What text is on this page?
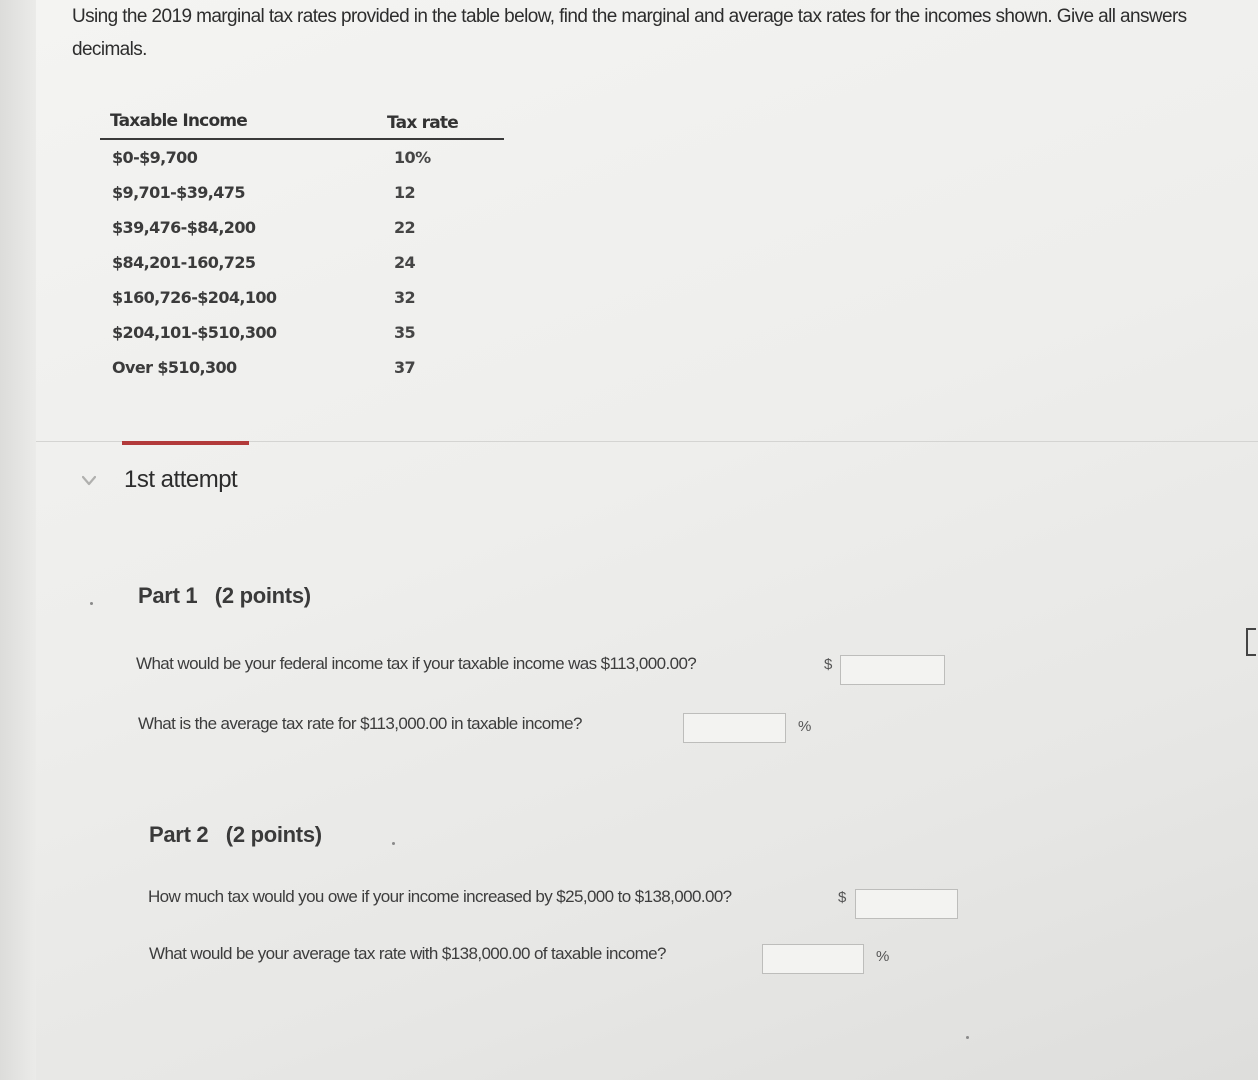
Using the 2019 marginal tax rates provided in the table below, find the marginal and average tax rates for the incomes shown. Give all answers
decimals.
Taxable Income	Tax rate
$0-$9,700	10%
$9,701-$39,475	12
$39,476-$84,200	22
$84,201-160,725	24
$160,726-$204,100	32
$204,101-$510,300	35
Over $510,300	37
1st attempt
Part 1 (2 points)
What would be your federal income tax if your taxable income was $113,000.00?	$
What is the average tax rate for $113,000.00 in taxable income?	%
Part 2 (2 points)
How much tax would you owe if your income increased by $25,000 to $138,000.00?	$
What would be your average tax rate with $138,000.00 of taxable income?	%
